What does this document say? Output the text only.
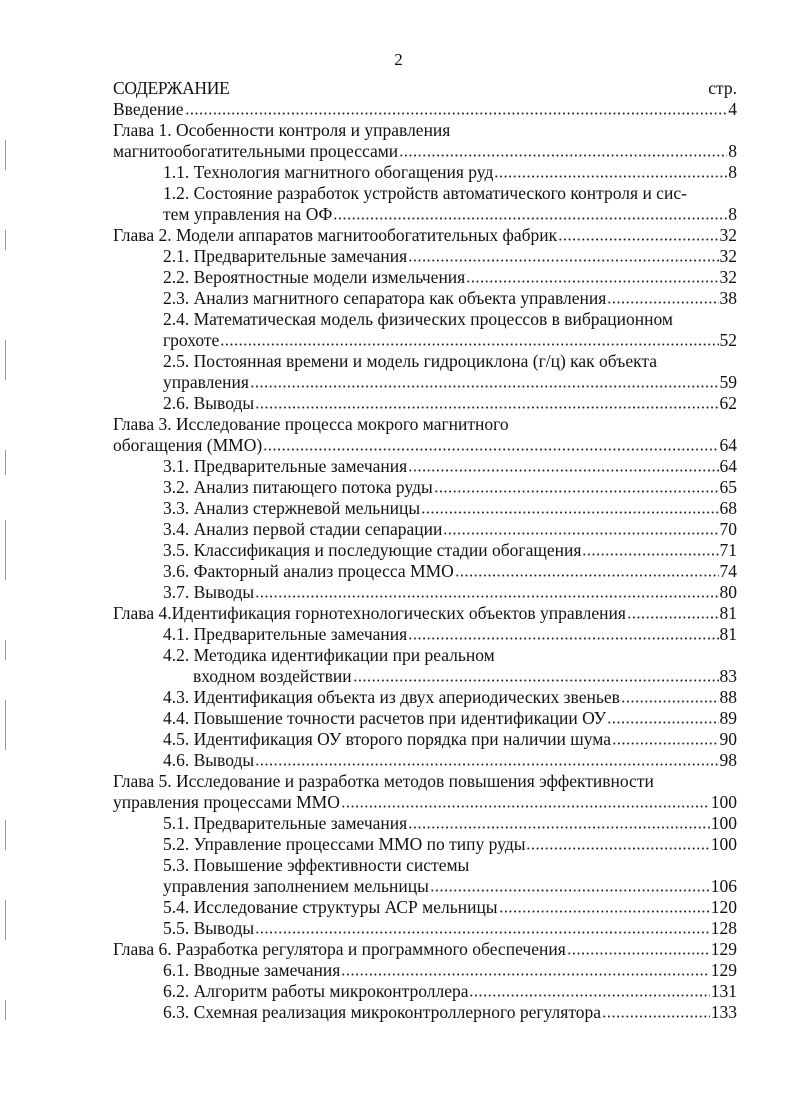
2
СОДЕРЖАНИЕ	стр.
Введение	4
Глава 1. Особенности контроля и управления
магнитообогатительными процессами	8
1.1. Технология магнитного обогащения руд	8
1.2. Состояние разработок устройств автоматического контроля и сис-
тем управления на ОФ	8
Глава 2. Модели аппаратов магнитообогатительных фабрик	32
2.1. Предварительные замечания	32
2.2. Вероятностные модели измельчения	32
2.3. Анализ магнитного сепаратора как объекта управления	38
2.4. Математическая модель физических процессов в вибрационном
грохоте	52
2.5. Постоянная времени и модель гидроциклона (г/ц) как объекта
управления	59
2.6. Выводы	62
Глава 3. Исследование процесса мокрого магнитного
обогащения (ММО)	64
3.1. Предварительные замечания	64
3.2. Анализ питающего потока руды	65
3.3. Анализ стержневой мельницы	68
3.4. Анализ первой стадии сепарации	70
3.5. Классификация и последующие стадии обогащения	71
3.6. Факторный анализ процесса ММО	74
3.7. Выводы	80
Глава 4.Идентификация горнотехнологических объектов управления	81
4.1. Предварительные замечания	81
4.2. Методика идентификации при реальном
входном воздействии	83
4.3. Идентификация объекта из двух апериодических звеньев	88
4.4. Повышение точности расчетов при идентификации ОУ	89
4.5. Идентификация ОУ второго порядка при наличии шума	90
4.6. Выводы	98
Глава 5. Исследование и разработка методов повышения эффективности
управления процессами ММО	100
5.1. Предварительные замечания	100
5.2. Управление процессами ММО по типу руды	100
5.3. Повышение эффективности системы
управления заполнением мельницы	106
5.4. Исследование структуры АСР мельницы	120
5.5. Выводы	128
Глава 6. Разработка регулятора и программного обеспечения	129
6.1. Вводные замечания	129
6.2. Алгоритм работы микроконтроллера	131
6.3. Схемная реализация микроконтроллерного регулятора	133
